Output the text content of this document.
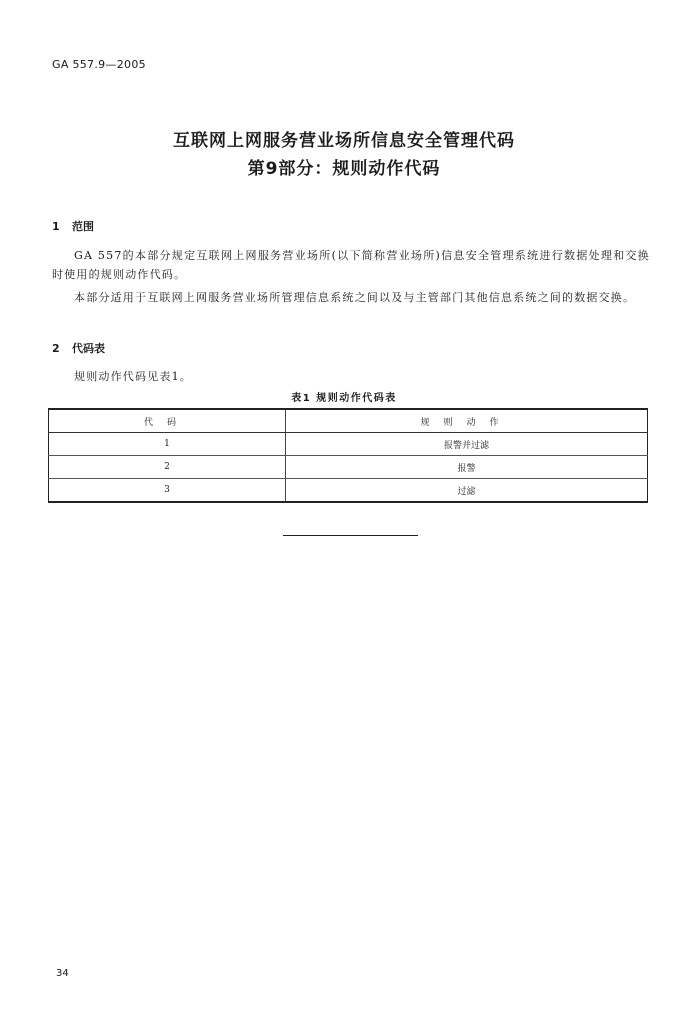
GA 557.9—2005
互联网上网服务营业场所信息安全管理代码
第9部分：规则动作代码
1 范围
GA 557的本部分规定互联网上网服务营业场所(以下简称营业场所)信息安全管理系统进行数据处理和交换时使用的规则动作代码。
本部分适用于互联网上网服务营业场所管理信息系统之间以及与主管部门其他信息系统之间的数据交换。
2 代码表
规则动作代码见表1。
表1 规则动作代码表
代码	规则动作
1	报警并过滤
2	报警
3	过滤
34
